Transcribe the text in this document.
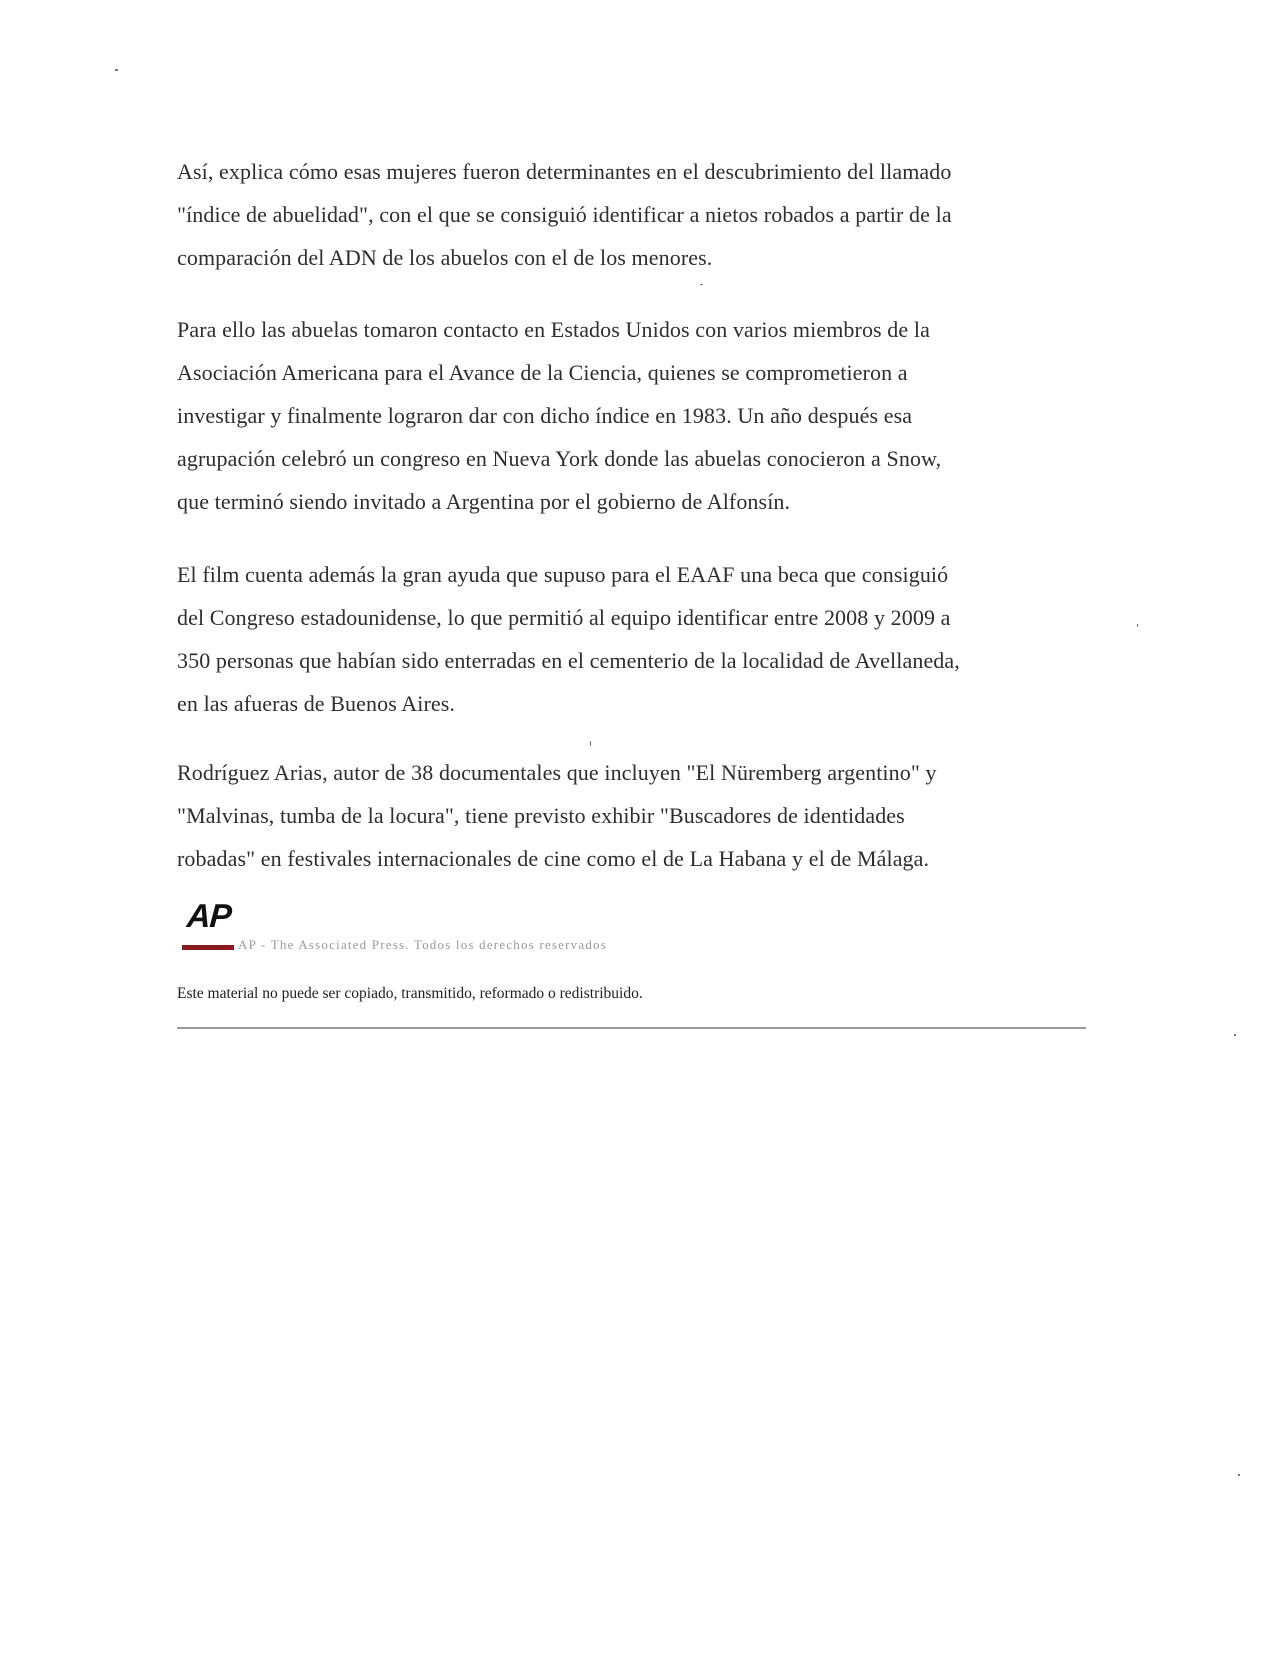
Así, explica cómo esas mujeres fueron determinantes en el descubrimiento del llamado
"índice de abuelidad", con el que se consiguió identificar a nietos robados a partir de la
comparación del ADN de los abuelos con el de los menores.

Para ello las abuelas tomaron contacto en Estados Unidos con varios miembros de la
Asociación Americana para el Avance de la Ciencia, quienes se comprometieron a
investigar y finalmente lograron dar con dicho índice en 1983. Un año después esa
agrupación celebró un congreso en Nueva York donde las abuelas conocieron a Snow,
que terminó siendo invitado a Argentina por el gobierno de Alfonsín.

El film cuenta además la gran ayuda que supuso para el EAAF una beca que consiguió
del Congreso estadounidense, lo que permitió al equipo identificar entre 2008 y 2009 a
350 personas que habían sido enterradas en el cementerio de la localidad de Avellaneda,
en las afueras de Buenos Aires.

Rodríguez Arias, autor de 38 documentales que incluyen "El Nüremberg argentino" y
"Malvinas, tumba de la locura", tiene previsto exhibir "Buscadores de identidades
robadas" en festivales internacionales de cine como el de La Habana y el de Málaga.

AP
AP - The Associated Press. Todos los derechos reservados
Este material no puede ser copiado, transmitido, reformado o redistribuido.
